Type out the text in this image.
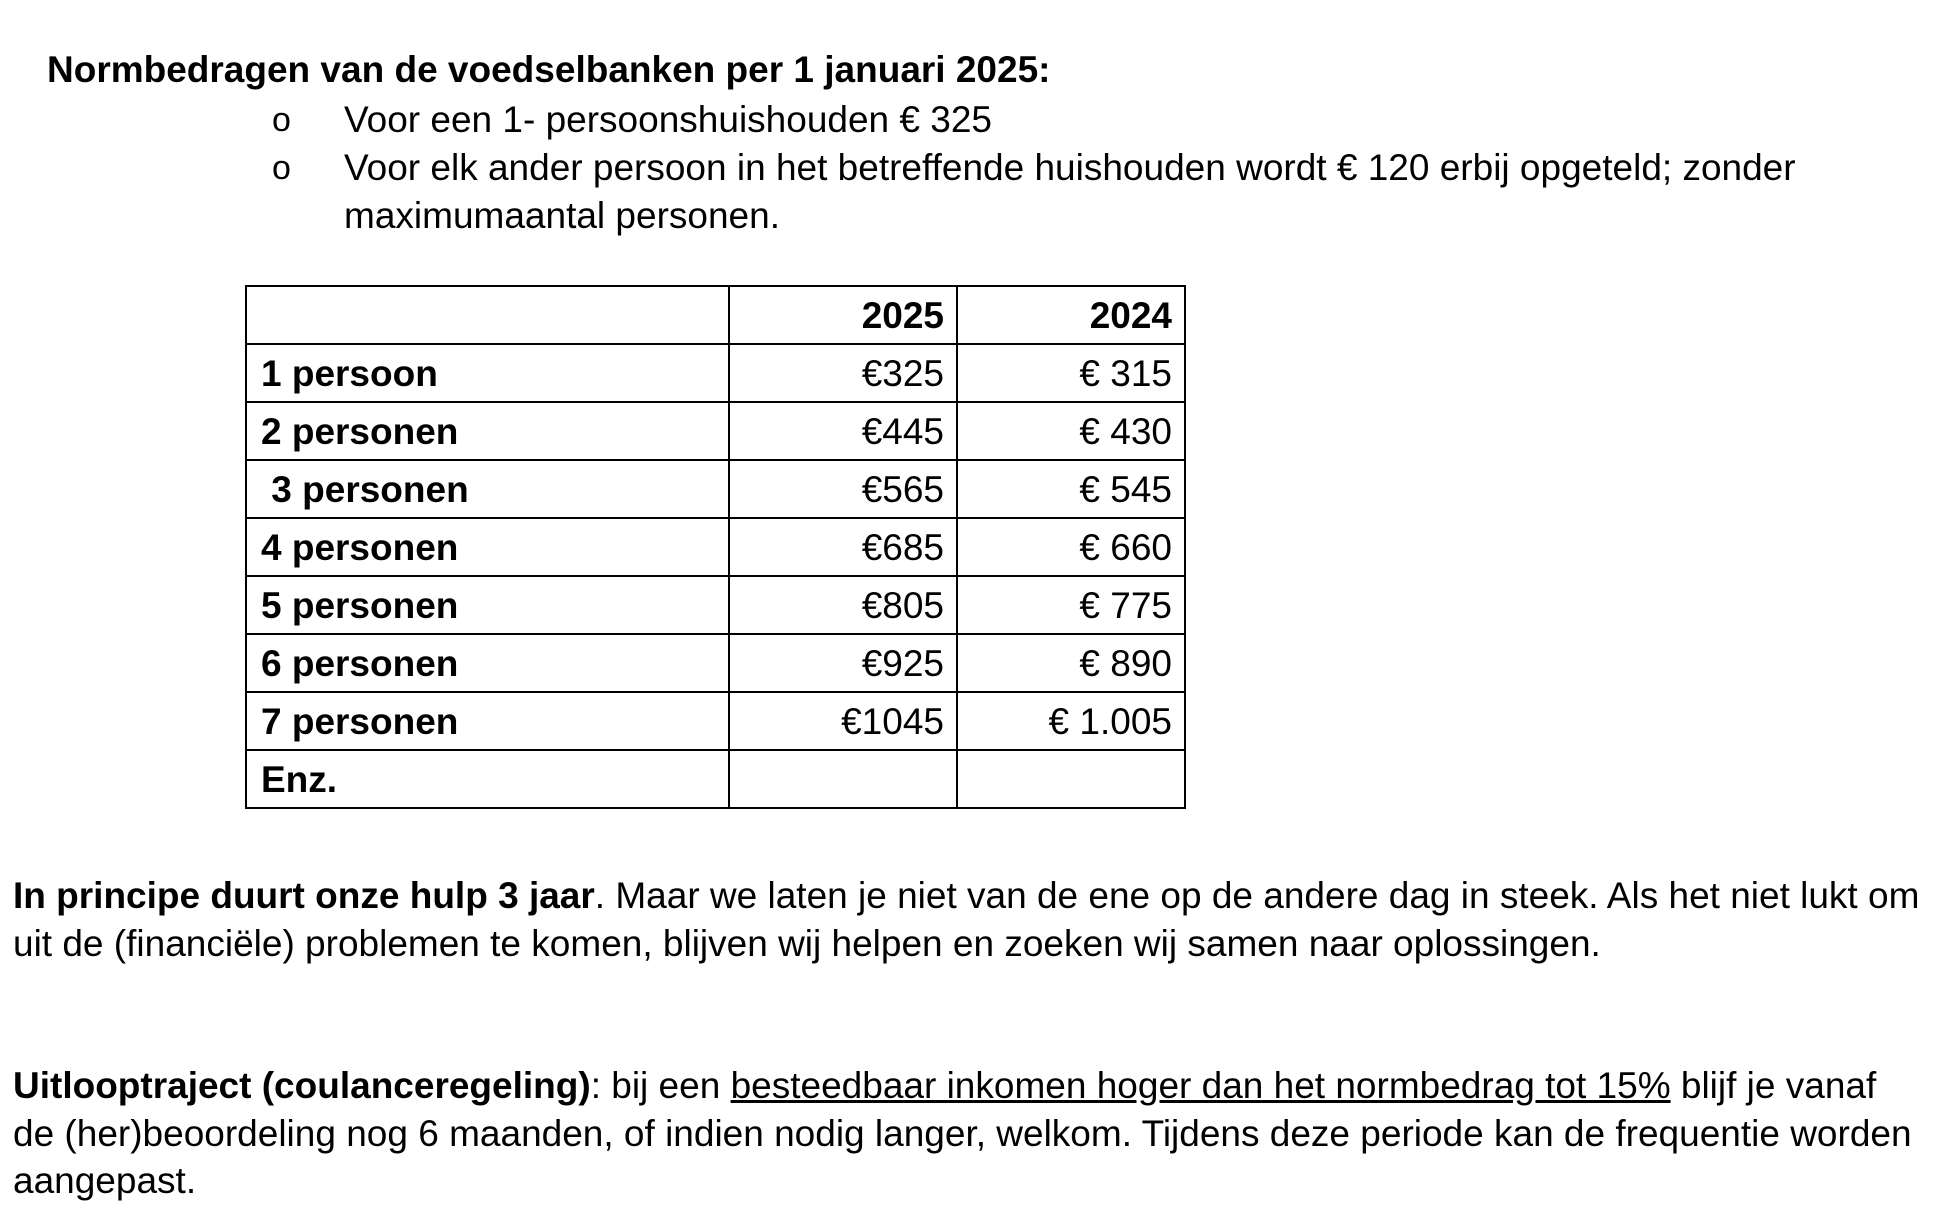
Normbedragen van de voedselbanken per 1 januari 2025:
o Voor een 1- persoonshuishouden € 325
o Voor elk ander persoon in het betreffende huishouden wordt € 120 erbij opgeteld; zonder maximumaantal personen.
	2025	2024
1 persoon	€325	€ 315
2 personen	€445	€ 430
3 personen	€565	€ 545
4 personen	€685	€ 660
5 personen	€805	€ 775
6 personen	€925	€ 890
7 personen	€1045	€ 1.005
Enz.		

In principe duurt onze hulp 3 jaar. Maar we laten je niet van de ene op de andere dag in steek. Als het niet lukt om uit de (financiële) problemen te komen, blijven wij helpen en zoeken wij samen naar oplossingen.

Uitlooptraject (coulanceregeling): bij een besteedbaar inkomen hoger dan het normbedrag tot 15% blijf je vanaf de (her)beoordeling nog 6 maanden, of indien nodig langer, welkom. Tijdens deze periode kan de frequentie worden aangepast.
